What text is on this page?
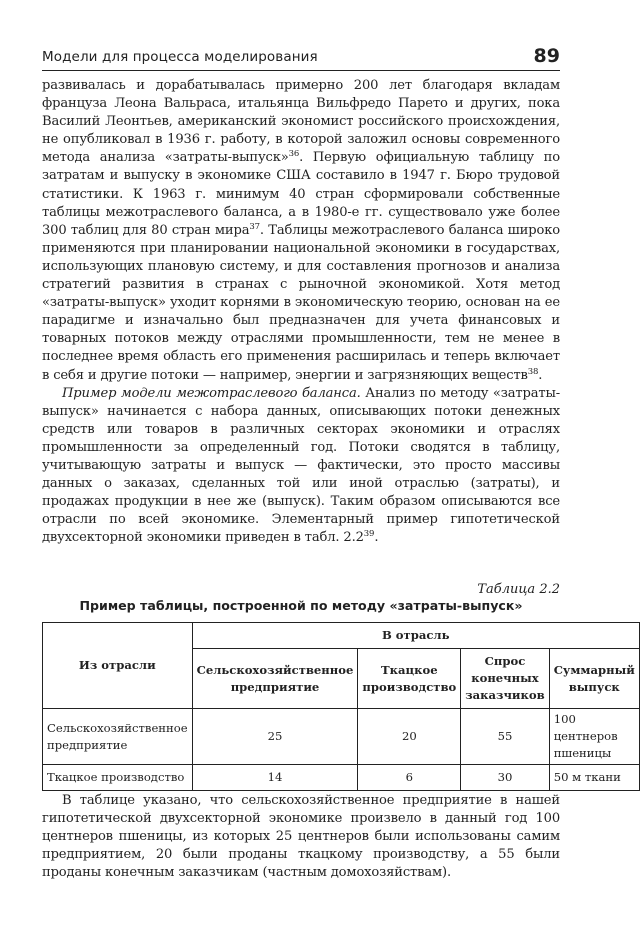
Модели для процесса моделирования	89

развивалась и дорабатывалась примерно 200 лет благодаря вкладам француза Леона Вальраса, итальянца Вильфредо Парето и других, пока Василий Леонтьев, американский экономист российского происхождения, не опубликовал в 1936 г. работу, в которой заложил основы современного метода анализа «затраты-выпуск»$^{36}$. Первую официальную таблицу по затратам и выпуску в экономике США составило в 1947 г. Бюро трудовой статистики. К 1963 г. минимум 40 стран сформировали собственные таблицы межотраслевого баланса, а в 1980-е гг. существовало уже более 300 таблиц для 80 стран мира$^{37}$. Таблицы межотраслевого баланса широко применяются при планировании национальной экономики в государствах, использующих плановую систему, и для составления прогнозов и анализа стратегий развития в странах с рыночной экономикой. Хотя метод «затраты-выпуск» уходит корнями в экономическую теорию, основан на ее парадигме и изначально был предназначен для учета финансовых и товарных потоков между отраслями промышленности, тем не менее в последнее время область его применения расширилась и теперь включает в себя и другие потоки — например, энергии и загрязняющих веществ$^{38}$.

Пример модели межотраслевого баланса. Анализ по методу «затраты-выпуск» начинается с набора данных, описывающих потоки денежных средств или товаров в различных секторах экономики и отраслях промышленности за определенный год. Потоки сводятся в таблицу, учитывающую затраты и выпуск — фактически, это просто массивы данных о заказах, сделанных той или иной отраслью (затраты), и продажах продукции в нее же (выпуск). Таким образом описываются все отрасли по всей экономике. Элементарный пример гипотетической двухсекторной экономики приведен в табл. $2.2^{39}$.

Таблица 2.2
Пример таблицы, построенной по методу «затраты-выпуск»
Из отрасли	В отрасль			
	Сельскохозяйственное предприятие	Ткацкое производство	Спрос конечных заказчиков	Суммарный выпуск
Сельскохозяйственное предприятие	25	20	55	100 центнеров пшеницы
Ткацкое производство	14	6	30	50 м ткани

В таблице указано, что сельскохозяйственное предприятие в нашей гипотетической двухсекторной экономике произвело в данный год 100 центнеров пшеницы, из которых 25 центнеров были использованы самим предприятием, 20 были проданы ткацкому производству, а 55 были проданы конечным заказчикам (частным домохозяйствам).
